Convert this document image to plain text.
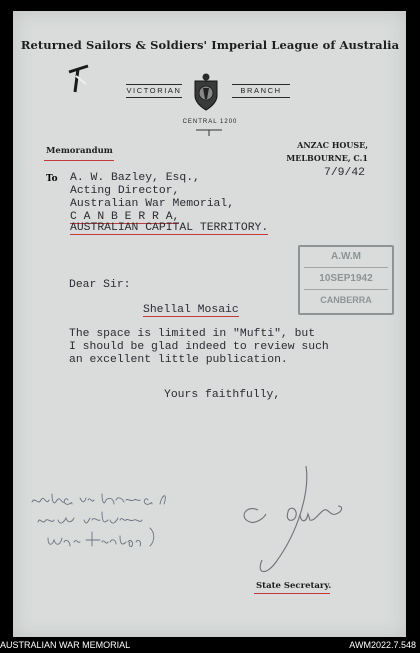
Returned Sailors & Soldiers' Imperial League of Australia
VICTORIAN	BRANCH
CENTRAL 1200
Memorandum
ANZAC HOUSE,
MELBOURNE, C.1
To A. W. Bazley, Esq.,
Acting Director,
Australian War Memorial,
C A N B E R R A,
AUSTRALIAN CAPITAL TERRITORY.
7/9/42
A.W.M
10SEP1942
CANBERRA
Dear Sir:
Shellal Mosaic
The space is limited in "Mufti", but
I should be glad indeed to review such
an excellent little publication.
Yours faithfully,
State Secretary.
AUSTRALIAN WAR MEMORIAL	AWM2022.7.548
